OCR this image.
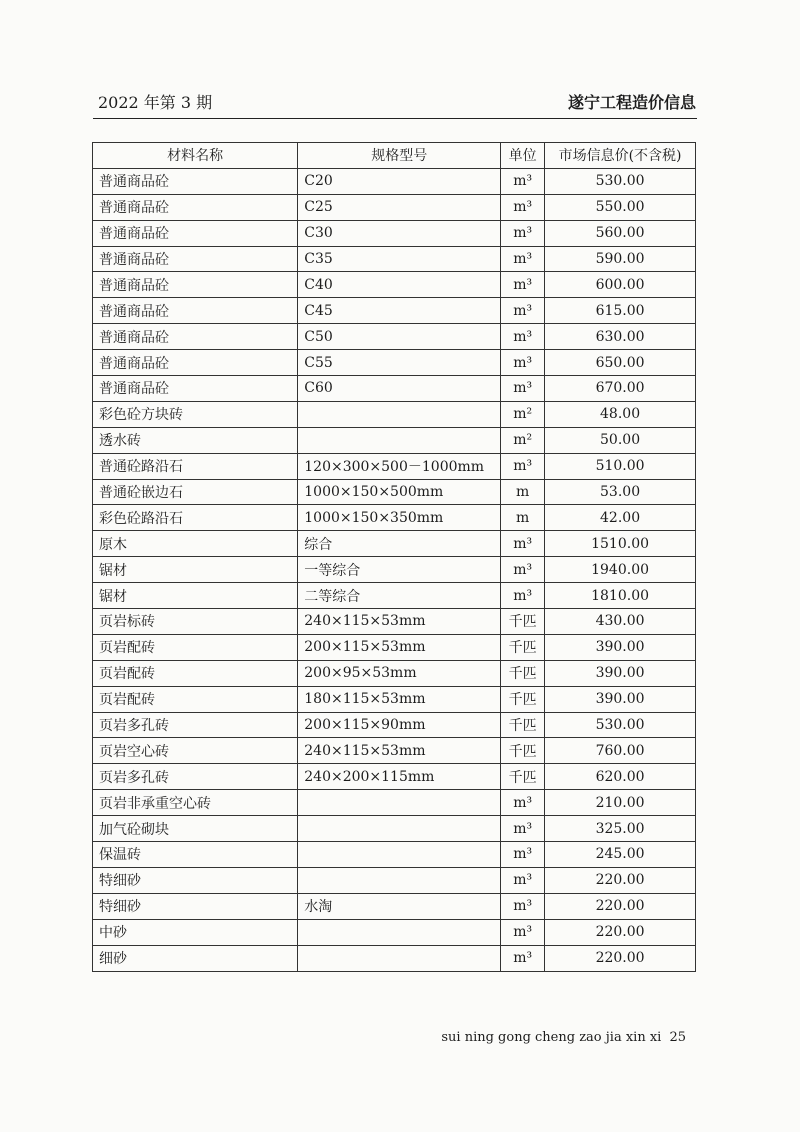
2022 年第 3 期	遂宁工程造价信息
材料名称	规格型号	单位	市场信息价(不含税)
普通商品砼	C20	m³	530.00
普通商品砼	C25	m³	550.00
普通商品砼	C30	m³	560.00
普通商品砼	C35	m³	590.00
普通商品砼	C40	m³	600.00
普通商品砼	C45	m³	615.00
普通商品砼	C50	m³	630.00
普通商品砼	C55	m³	650.00
普通商品砼	C60	m³	670.00
彩色砼方块砖		m²	48.00
透水砖		m²	50.00
普通砼路沿石	120×300×500－1000mm	m³	510.00
普通砼嵌边石	1000×150×500mm	m	53.00
彩色砼路沿石	1000×150×350mm	m	42.00
原木	综合	m³	1510.00
锯材	一等综合	m³	1940.00
锯材	二等综合	m³	1810.00
页岩标砖	240×115×53mm	千匹	430.00
页岩配砖	200×115×53mm	千匹	390.00
页岩配砖	200×95×53mm	千匹	390.00
页岩配砖	180×115×53mm	千匹	390.00
页岩多孔砖	200×115×90mm	千匹	530.00
页岩空心砖	240×115×53mm	千匹	760.00
页岩多孔砖	240×200×115mm	千匹	620.00
页岩非承重空心砖		m³	210.00
加气砼砌块		m³	325.00
保温砖		m³	245.00
特细砂		m³	220.00
特细砂	水淘	m³	220.00
中砂		m³	220.00
细砂		m³	220.00
sui ning gong cheng zao jia xin xi 25
